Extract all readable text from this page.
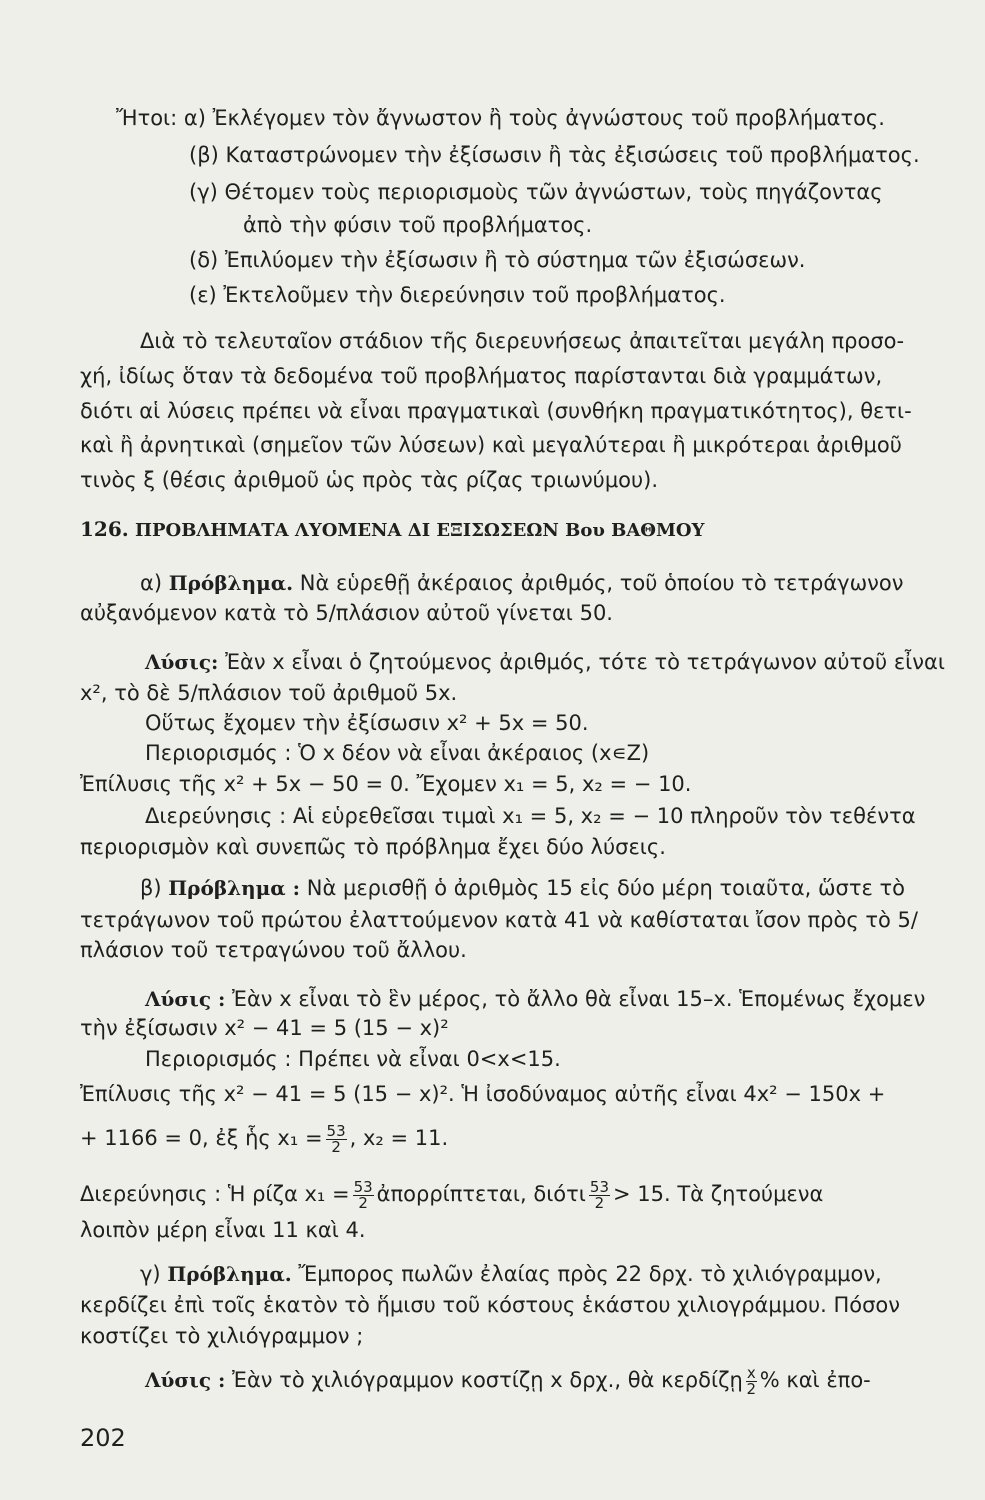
Ἤτοι: α) Ἐκλέγομεν τὸν ἄγνωστον ἢ τοὺς ἀγνώστους τοῦ προβλήματος.
(β) Καταστρώνομεν τὴν ἐξίσωσιν ἢ τὰς ἐξισώσεις τοῦ προβλήματος.
(γ) Θέτομεν τοὺς περιορισμοὺς τῶν ἀγνώστων, τοὺς πηγάζοντας
ἀπὸ τὴν φύσιν τοῦ προβλήματος.
(δ) Ἐπιλύομεν τὴν ἐξίσωσιν ἢ τὸ σύστημα τῶν ἐξισώσεων.
(ε) Ἐκτελοῦμεν τὴν διερεύνησιν τοῦ προβλήματος.
Διὰ τὸ τελευταῖον στάδιον τῆς διερευνήσεως ἀπαιτεῖται μεγάλη προσο-
χή, ἰδίως ὅταν τὰ δεδομένα τοῦ προβλήματος παρίστανται διὰ γραμμάτων,
διότι αἱ λύσεις πρέπει νὰ εἶναι πραγματικαὶ (συνθήκη πραγματικότητος), θετι-
καὶ ἢ ἀρνητικαὶ (σημεῖον τῶν λύσεων) καὶ μεγαλύτεραι ἢ μικρότεραι ἀριθμοῦ
τινὸς ξ (θέσις ἀριθμοῦ ὡς πρὸς τὰς ρίζας τριωνύμου).
126. ΠΡΟΒΛΗΜΑΤΑ ΛΥΟΜΕΝΑ ΔΙ ΕΞΙΣΩΣΕΩΝ Βου ΒΑΘΜΟΥ
α) Πρόβλημα. Νὰ εὑρεθῇ ἀκέραιος ἀριθμός, τοῦ ὁποίου τὸ τετράγωνον
αὐξανόμενον κατὰ τὸ 5/πλάσιον αὐτοῦ γίνεται 50.
Λύσις: Ἐὰν x εἶναι ὁ ζητούμενος ἀριθμός, τότε τὸ τετράγωνον αὐτοῦ εἶναι
x², τὸ δὲ 5/πλάσιον τοῦ ἀριθμοῦ 5x.
Οὕτως ἔχομεν τὴν ἐξίσωσιν x² + 5x = 50.
Περιορισμός : Ὁ x δέον νὰ εἶναι ἀκέραιος (x∊Z)
Ἐπίλυσις τῆς x² + 5x − 50 = 0. Ἔχομεν x₁ = 5, x₂ = − 10.
Διερεύνησις : Αἱ εὑρεθεῖσαι τιμαὶ x₁ = 5, x₂ = − 10 πληροῦν τὸν τεθέντα
περιορισμὸν καὶ συνεπῶς τὸ πρόβλημα ἔχει δύο λύσεις.
β) Πρόβλημα : Νὰ μερισθῇ ὁ ἀριθμὸς 15 εἰς δύο μέρη τοιαῦτα, ὥστε τὸ
τετράγωνον τοῦ πρώτου ἐλαττούμενον κατὰ 41 νὰ καθίσταται ἴσον πρὸς τὸ 5/
πλάσιον τοῦ τετραγώνου τοῦ ἄλλου.
Λύσις : Ἐὰν x εἶναι τὸ ἓν μέρος, τὸ ἄλλο θὰ εἶναι 15–x. Ἑπομένως ἔχομεν
τὴν ἐξίσωσιν x² − 41 = 5 (15 − x)²
Περιορισμός : Πρέπει νὰ εἶναι 0<x<15.
Ἐπίλυσις τῆς x² − 41 = 5 (15 − x)². Ἡ ἰσοδύναμος αὐτῆς εἶναι 4x² − 150x +
+ 1166 = 0, ἐξ ἧς $x_1 = \frac{53}{2}$ , x₂ = 11.
Διερεύνησις : Ἡ ρίζα $x_1 = \frac{53}{2}$ ἀπορρίπτεται, διότι $\frac{53}{2} > 15$. Τὰ ζητούμενα
λοιπὸν μέρη εἶναι 11 καὶ 4.
γ) Πρόβλημα. Ἔμπορος πωλῶν ἐλαίας πρὸς 22 δρχ. τὸ χιλιόγραμμον,
κερδίζει ἐπὶ τοῖς ἑκατὸν τὸ ἥμισυ τοῦ κόστους ἑκάστου χιλιογράμμου. Πόσον
κοστίζει τὸ χιλιόγραμμον ;
Λύσις : Ἐὰν τὸ χιλιόγραμμον κοστίζῃ x δρχ., θὰ κερδίζῃ $\frac{x}{2}$ % καὶ ἐπο-
202
